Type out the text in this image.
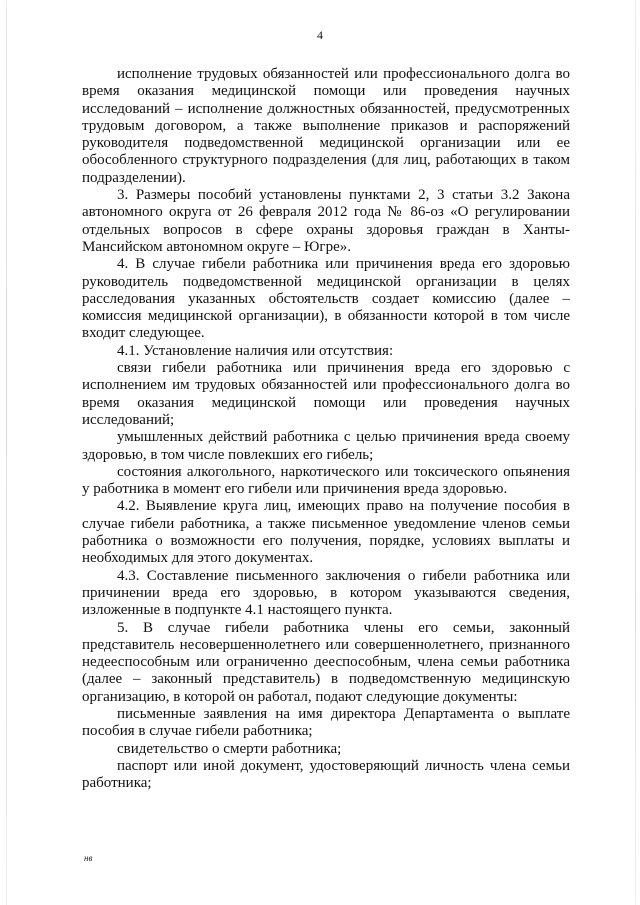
4

исполнение трудовых обязанностей или профессионального долга во время оказания медицинской помощи или проведения научных исследований – исполнение должностных обязанностей, предусмотренных трудовым договором, а также выполнение приказов и распоряжений руководителя подведомственной медицинской организации или ее обособленного структурного подразделения (для лиц, работающих в таком подразделении).

3. Размеры пособий установлены пунктами 2, 3 статьи 3.2 Закона автономного округа от 26 февраля 2012 года № 86-оз «О регулировании отдельных вопросов в сфере охраны здоровья граждан в Ханты-Мансийском автономном округе – Югре».

4. В случае гибели работника или причинения вреда его здоровью руководитель подведомственной медицинской организации в целях расследования указанных обстоятельств создает комиссию (далее – комиссия медицинской организации), в обязанности которой в том числе входит следующее.

4.1. Установление наличия или отсутствия:

связи гибели работника или причинения вреда его здоровью с исполнением им трудовых обязанностей или профессионального долга во время оказания медицинской помощи или проведения научных исследований;

умышленных действий работника с целью причинения вреда своему здоровью, в том числе повлекших его гибель;

состояния алкогольного, наркотического или токсического опьянения у работника в момент его гибели или причинения вреда здоровью.

4.2. Выявление круга лиц, имеющих право на получение пособия в случае гибели работника, а также письменное уведомление членов семьи работника о возможности его получения, порядке, условиях выплаты и необходимых для этого документах.

4.3. Составление письменного заключения о гибели работника или причинении вреда его здоровью, в котором указываются сведения, изложенные в подпункте 4.1 настоящего пункта.

5. В случае гибели работника члены его семьи, законный представитель несовершеннолетнего или совершеннолетнего, признанного недееспособным или ограниченно дееспособным, члена семьи работника (далее – законный представитель) в подведомственную медицинскую организацию, в которой он работал, подают следующие документы:

письменные заявления на имя директора Департамента о выплате пособия в случае гибели работника;

свидетельство о смерти работника;

паспорт или иной документ, удостоверяющий личность члена семьи работника;

нв
